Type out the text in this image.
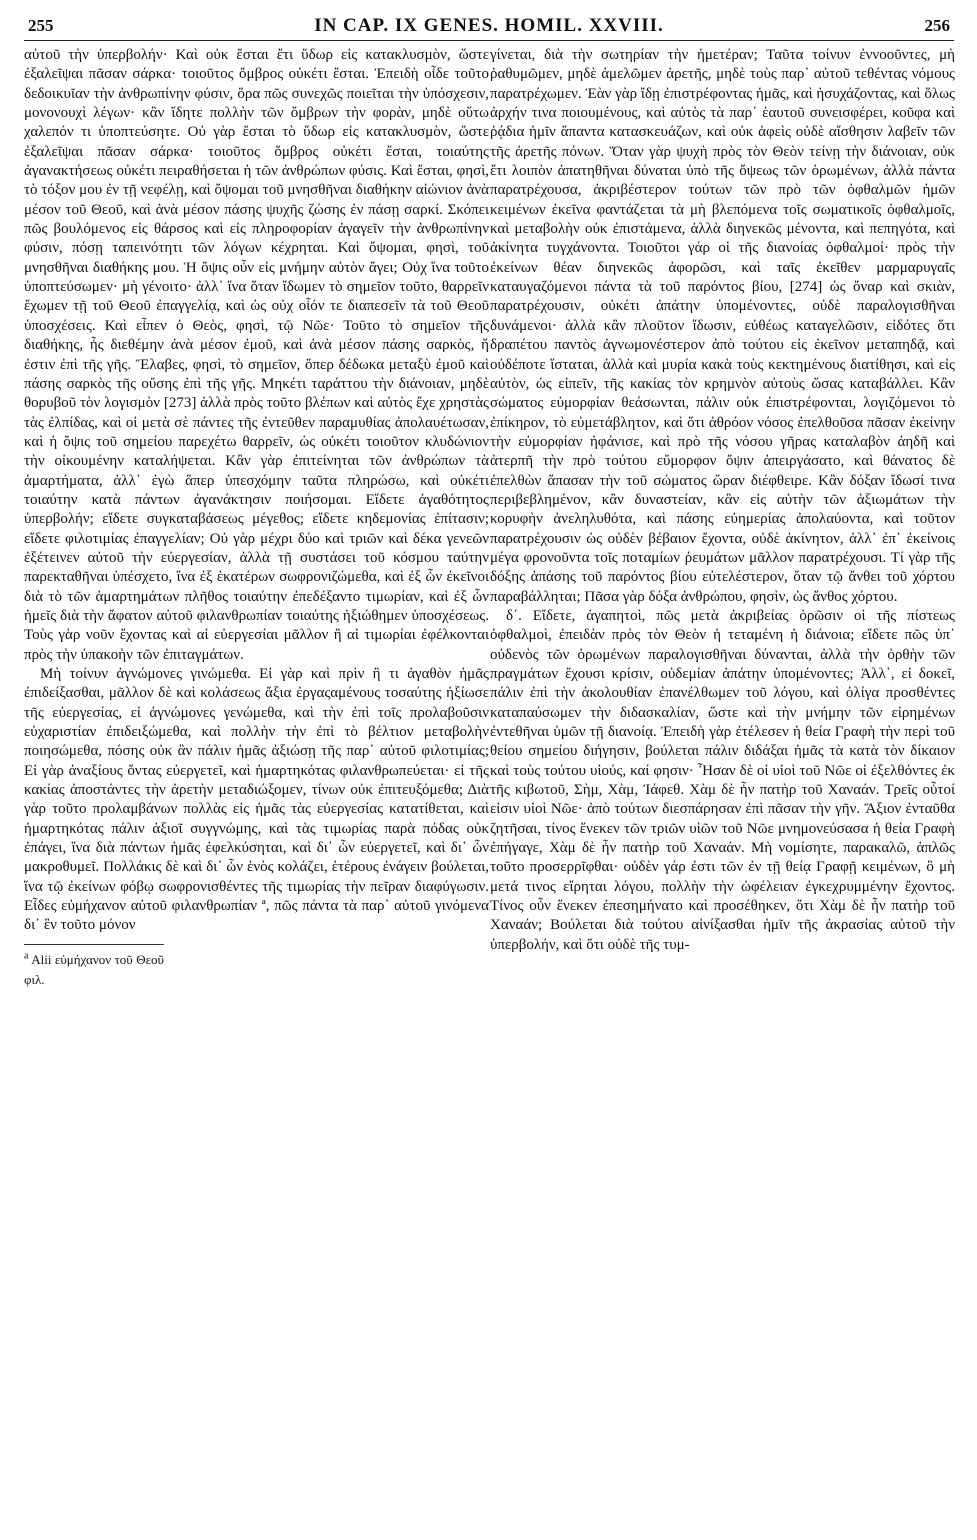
255	IN CAP. IX GENES. HOMIL. XXVIII.	256

αὐτοῦ τὴν ὑπερβολήν· Καὶ οὐκ ἔσται ἔτι ὕδωρ εἰς κατακλυσμὸν, ὥστε ἐξαλεῖψαι πᾶσαν σάρκα· τοιοῦτος ὄμβρος οὐκέτι ἔσται. Ἐπειδὴ οἶδε τοῦτο δεδοικυῖαν τὴν ἀνθρωπίνην φύσιν, ὅρα πῶς συνεχῶς ποιεῖται τὴν ὑπόσχεσιν, μονονουχὶ λέγων· κἂν ἴδητε πολλὴν τῶν ὄμβρων τὴν φορὰν, μηδὲ οὕτω χαλεπόν τι ὑποπτεύσητε. Οὐ γὰρ ἔσται τὸ ὕδωρ εἰς κατακλυσμὸν, ὥστε ἐξαλεῖψαι πᾶσαν σάρκα· τοιοῦτος ὄμβρος οὐκέτι ἔσται, τοιαύτης ἀγανακτήσεως οὐκέτι πειραθήσεται ἡ τῶν ἀνθρώπων φύσις. Καὶ ἔσται, φησὶ, τὸ τόξον μου ἐν τῇ νεφέλῃ, καὶ ὄψομαι τοῦ μνησθῆναι διαθήκην αἰώνιον ἀνὰ μέσον τοῦ Θεοῦ, καὶ ἀνὰ μέσον πάσης ψυχῆς ζώσης ἐν πάσῃ σαρκί. Σκόπει πῶς βουλόμενος εἰς θάρσος καὶ εἰς πληροφορίαν ἀγαγεῖν τὴν ἀνθρωπίνην φύσιν, πόσῃ ταπεινότητι τῶν λόγων κέχρηται. Καὶ ὄψομαι, φησὶ, τοῦ μνησθῆναι διαθήκης μου. Ἡ ὄψις οὖν εἰς μνήμην αὐτὸν ἄγει; Οὐχ ἵνα τοῦτο ὑποπτεύσωμεν· μὴ γένοιτο· ἀλλ᾿ ἵνα ὅταν ἴδωμεν τὸ σημεῖον τοῦτο, θαρρεῖν ἔχωμεν τῇ τοῦ Θεοῦ ἐπαγγελίᾳ, καὶ ὡς οὐχ οἷόν τε διαπεσεῖν τὰ τοῦ Θεοῦ ὑποσχέσεις. Καὶ εἶπεν ὁ Θεὸς, φησὶ, τῷ Νῶε· Τοῦτο τὸ σημεῖον τῆς διαθήκης, ἧς διεθέμην ἀνὰ μέσον ἐμοῦ, καὶ ἀνὰ μέσον πάσης σαρκὸς, ἥ ἐστιν ἐπὶ τῆς γῆς. Ἔλαβες, φησὶ, τὸ σημεῖον, ὅπερ δέδωκα μεταξὺ ἐμοῦ καὶ πάσης σαρκὸς τῆς οὔσης ἐπὶ τῆς γῆς. Μηκέτι ταράττου τὴν διάνοιαν, μηδὲ θορυβοῦ τὸν λογισμὸν [273] ἀλλὰ πρὸς τοῦτο βλέπων καὶ αὐτὸς ἔχε χρηστὰς τὰς ἐλπίδας, καὶ οἱ μετὰ σὲ πάντες τῆς ἐντεῦθεν παραμυθίας ἀπολαυέτωσαν, καὶ ἡ ὄψις τοῦ σημείου παρεχέτω θαρρεῖν, ὡς οὐκέτι τοιοῦτον κλυδώνιον τὴν οἰκουμένην καταλήψεται. Κἂν γὰρ ἐπιτείνηται τῶν ἀνθρώπων τὰ ἁμαρτήματα, ἀλλ᾿ ἐγὼ ἅπερ ὑπεσχόμην ταῦτα πληρώσω, καὶ οὐκέτι τοιαύτην κατὰ πάντων ἀγανάκτησιν ποιήσομαι. Εἴδετε ἀγαθότητος ὑπερβολήν; εἴδετε συγκαταβάσεως μέγεθος; εἴδετε κηδεμονίας ἐπίτασιν; εἴδετε φιλοτιμίας ἐπαγγελίαν; Οὐ γὰρ μέχρι δύο καὶ τριῶν καὶ δέκα γενεῶν ἐξέτεινεν αὐτοῦ τὴν εὐεργεσίαν, ἀλλὰ τῇ συστάσει τοῦ κόσμου ταύτην παρεκταθῆναι ὑπέσχετο, ἵνα ἐξ ἑκατέρων σωφρονιζώμεθα, καὶ ἐξ ὧν ἐκεῖνοι διὰ τὸ τῶν ἁμαρτημάτων πλῆθος τοιαύτην ἐπεδέξαντο τιμωρίαν, καὶ ἐξ ὧν ἡμεῖς διὰ τὴν ἄφατον αὐτοῦ φιλανθρωπίαν τοιαύτης ἠξιώθημεν ὑποσχέσεως. Τοὺς γὰρ νοῦν ἔχοντας καὶ αἱ εὐεργεσίαι μᾶλλον ἢ αἱ τιμωρίαι ἐφέλκονται πρὸς τὴν ὑπακοὴν τῶν ἐπιταγμάτων.

Μὴ τοίνυν ἀγνώμονες γινώμεθα. Εἰ γὰρ καὶ πρὶν ἢ τι ἀγαθὸν ἡμᾶς ἐπιδείξασθαι, μᾶλλον δὲ καὶ κολάσεως ἄξια ἐργαςαμένους τοσαύτης ἠξίωσε τῆς εὐεργεσίας, εἰ ἀγνώμονες γενώμεθα, καὶ τὴν ἐπὶ τοῖς προλαβοῦσιν εὐχαριστίαν ἐπιδειξώμεθα, καὶ πολλὴν τὴν ἐπὶ τὸ βέλτιον μεταβολὴν ποιησώμεθα, πόσης οὐκ ἂν πάλιν ἡμᾶς ἀξιώσῃ τῆς παρ᾿ αὐτοῦ φιλοτιμίας; Εἰ γὰρ ἀναξίους ὄντας εὐεργετεῖ, καὶ ἡμαρτηκότας φιλανθρωπεύεται· εἰ τῆς κακίας ἀποστάντες τὴν ἀρετὴν μεταδιώξομεν, τίνων οὐκ ἐπιτευξόμεθα; Διὰ γὰρ τοῦτο προλαμβάνων πολλὰς εἰς ἡμᾶς τὰς εὐεργεσίας κατατίθεται, καὶ ἡμαρτηκότας πάλιν ἀξιοῖ συγγνώμης, καὶ τὰς τιμωρίας παρὰ πόδας οὐκ ἐπάγει, ἵνα διὰ πάντων ἡμᾶς ἐφελκύσηται, καὶ δι᾿ ὧν εὐεργετεῖ, καὶ δι᾿ ὧν μακροθυμεῖ. Πολλάκις δὲ καὶ δι᾿ ὧν ἑνὸς κολάζει, ἑτέρους ἐνάγειν βούλεται, ἵνα τῷ ἐκείνων φόβῳ σωφρονισθέντες τῆς τιμωρίας τὴν πεῖραν διαφύγωσιν. Εἶδες εὐμήχανον αὐτοῦ φιλανθρωπίαν ª, πῶς πάντα τὰ παρ᾿ αὐτοῦ γινόμενα δι᾿ ἓν τοῦτο μόνον

$^a$ Alii εὐμήχανον τοῦ Θεοῦ φιλ.

γίνεται, διὰ τὴν σωτηρίαν τὴν ἡμετέραν; Ταῦτα τοίνυν ἐννοοῦντες, μὴ ῥαθυμῶμεν, μηδὲ ἀμελῶμεν ἀρετῆς, μηδὲ τοὺς παρ᾿ αὐτοῦ τεθέντας νόμους παρατρέχωμεν. Ἐὰν γὰρ ἴδῃ ἐπιστρέφοντας ἡμᾶς, καὶ ἡσυχάζοντας, καὶ ὅλως ἀρχήν τινα ποιουμένους, καὶ αὐτὸς τὰ παρ᾿ ἑαυτοῦ συνεισφέρει, κοῦφα καὶ ῥᾴδια ἡμῖν ἅπαντα κατασκευάζων, καὶ οὐκ ἀφεὶς οὐδὲ αἴσθησιν λαβεῖν τῶν τῆς ἀρετῆς πόνων. Ὅταν γὰρ ψυχὴ πρὸς τὸν Θεὸν τείνῃ τὴν διάνοιαν, οὐκ ἔτι λοιπὸν ἀπατηθῆναι δύναται ὑπὸ τῆς ὄψεως τῶν ὁρωμένων, ἀλλὰ πάντα παρατρέχουσα, ἀκριβέστερον τούτων τῶν πρὸ τῶν ὀφθαλμῶν ἡμῶν κειμένων ἐκεῖνα φαντάζεται τὰ μὴ βλεπόμενα τοῖς σωματικοῖς ὀφθαλμοῖς, καὶ μεταβολὴν οὐκ ἐπιστάμενα, ἀλλὰ διηνεκῶς μένοντα, καὶ πεπηγότα, καὶ ἀκίνητα τυγχάνοντα. Τοιοῦτοι γάρ οἱ τῆς διανοίας ὀφθαλμοί· πρὸς τὴν ἐκείνων θέαν διηνεκῶς ἀφορῶσι, καὶ ταῖς ἐκεῖθεν μαρμαρυγαῖς καταυγαζόμενοι πάντα τὰ τοῦ παρόντος βίου, [274] ὡς ὄναρ καὶ σκιὰν, παρατρέχουσιν, οὐκέτι ἀπάτην ὑπομένοντες, οὐδὲ παραλογισθῆναι δυνάμενοι· ἀλλὰ κἂν πλοῦτον ἴδωσιν, εὐθέως καταγελῶσιν, εἰδότες ὅτι δραπέτου παντὸς ἀγνωμονέστερον ἀπὸ τούτου εἰς ἐκεῖνον μεταπηδᾷ, καὶ οὐδέποτε ἵσταται, ἀλλὰ καὶ μυρία κακὰ τοὺς κεκτημένους διατίθησι, καὶ εἰς αὐτὸν, ὡς εἰπεῖν, τῆς κακίας τὸν κρημνὸν αὐτοὺς ὥσας καταβάλλει. Κἂν σώματος εὐμορφίαν θεάσωνται, πάλιν οὐκ ἐπιστρέφονται, λογιζόμενοι τὸ ἐπίκηρον, τὸ εὐμετάβλητον, καὶ ὅτι ἀθρόον νόσος ἐπελθοῦσα πᾶσαν ἐκείνην τὴν εὐμορφίαν ἠφάνισε, καὶ πρὸ τῆς νόσου γῆρας καταλαβὸν ἀηδῆ καὶ ἀτερπῆ τὴν πρὸ τούτου εὔμορφον ὄψιν ἀπειργάσατο, καὶ θάνατος δὲ ἐπελθὼν ἅπασαν τὴν τοῦ σώματος ὥραν διέφθειρε. Κἂν δόξαν ἴδωσί τινα περιβεβλημένον, κἂν δυναστείαν, κἂν εἰς αὐτὴν τῶν ἀξιωμάτων τὴν κορυφὴν ἀνεληλυθότα, καὶ πάσης εὐημερίας ἀπολαύοντα, καὶ τοῦτον παρατρέχουσιν ὡς οὐδὲν βέβαιον ἔχοντα, οὐδὲ ἀκίνητον, ἀλλ᾿ ἐπ᾿ ἐκείνοις μέγα φρονοῦντα τοῖς ποταμίων ῥευμάτων μᾶλλον παρατρέχουσι. Τί γὰρ τῆς δόξης ἁπάσης τοῦ παρόντος βίου εὐτελέστερον, ὅταν τῷ ἄνθει τοῦ χόρτου παραβάλληται; Πᾶσα γὰρ δόξα ἀνθρώπου, φησὶν, ὡς ἄνθος χόρτου.

δ΄. Εἴδετε, ἀγαπητοὶ, πῶς μετὰ ἀκριβείας ὁρῶσιν οἱ τῆς πίστεως ὀφθαλμοὶ, ἐπειδὰν πρὸς τὸν Θεὸν ἡ τεταμένη ἡ διάνοια; εἴδετε πῶς ὑπ᾿ οὐδενὸς τῶν ὁρωμένων παραλογισθῆναι δύνανται, ἀλλὰ τὴν ὀρθὴν τῶν πραγμάτων ἔχουσι κρίσιν, οὐδεμίαν ἀπάτην ὑπομένοντες; Ἀλλ᾿, εἰ δοκεῖ, πάλιν ἐπὶ τὴν ἀκολουθίαν ἐπανέλθωμεν τοῦ λόγου, καὶ ὀλίγα προσθέντες καταπαύσωμεν τὴν διδασκαλίαν, ὥστε καὶ τὴν μνήμην τῶν εἰρημένων ἐντεθῆναι ὑμῶν τῇ διανοίᾳ. Ἐπειδὴ γὰρ ἐτέλεσεν ἡ θεία Γραφὴ τὴν περὶ τοῦ θείου σημείου διήγησιν, βούλεται πάλιν διδάξαι ἡμᾶς τὰ κατὰ τὸν δίκαιον καὶ τοὺς τούτου υἱούς, καί φησιν· Ἦσαν δὲ οἱ υἱοὶ τοῦ Νῶε οἱ ἐξελθόντες ἐκ τῆς κιβωτοῦ, Σὴμ, Χὰμ, Ἰάφεθ. Χὰμ δὲ ἦν πατὴρ τοῦ Χαναάν. Τρεῖς οὗτοί εἰσιν υἱοὶ Νῶε· ἀπὸ τούτων διεσπάρησαν ἐπὶ πᾶσαν τὴν γῆν. Ἄξιον ἐνταῦθα ζητῆσαι, τίνος ἕνεκεν τῶν τριῶν υἱῶν τοῦ Νῶε μνημονεύσασα ἡ θεία Γραφὴ ἐπήγαγε, Χὰμ δὲ ἦν πατὴρ τοῦ Χαναάν. Μὴ νομίσητε, παρακαλῶ, ἁπλῶς τοῦτο προσερρῖφθαι· οὐδὲν γάρ ἐστι τῶν ἐν τῇ θείᾳ Γραφῇ κειμένων, ὃ μὴ μετά τινος εἴρηται λόγου, πολλὴν τὴν ὠφέλειαν ἐγκεχρυμμένην ἔχοντος. Τίνος οὖν ἕνεκεν ἐπεσημήνατο καὶ προσέθηκεν, ὅτι Χὰμ δὲ ἦν πατὴρ τοῦ Χαναάν; Βούλεται διὰ τούτου αἰνίξασθαι ἡμῖν τῆς ἀκρασίας αὐτοῦ τὴν ὑπερβολήν, καὶ ὅτι οὐδὲ τῆς τυμ-
